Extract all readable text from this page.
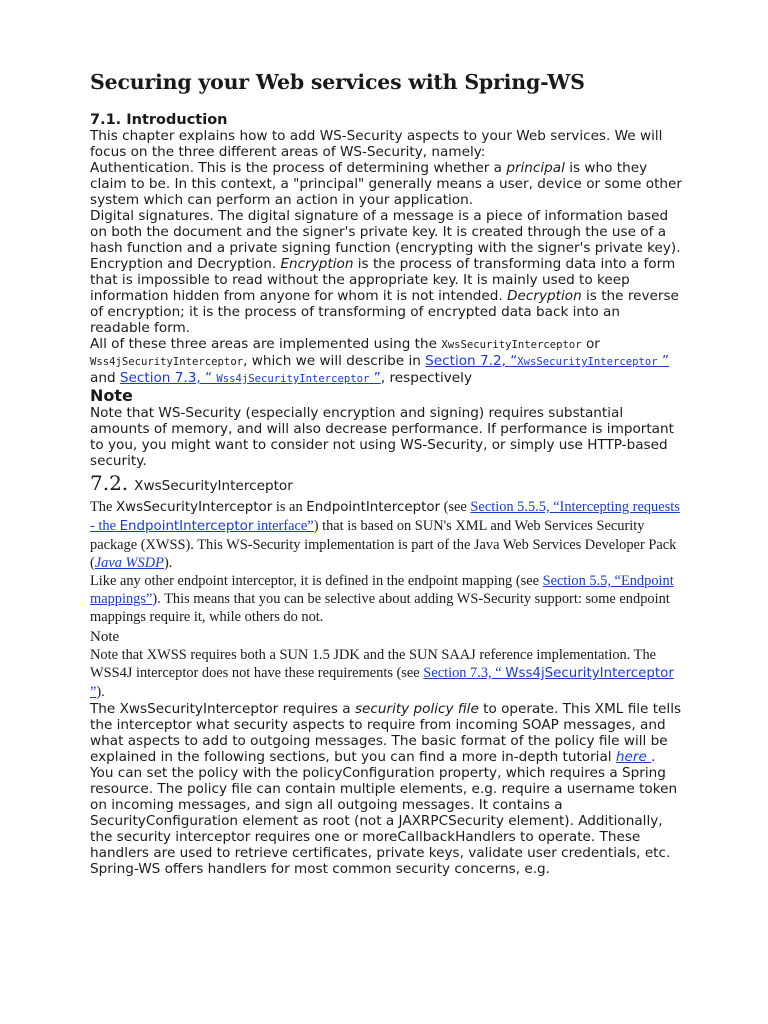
Securing your Web services with Spring-WS

7.1. Introduction

This chapter explains how to add WS-Security aspects to your Web services. We will focus on the three different areas of WS-Security, namely:

Authentication. This is the process of determining whether a principal is who they claim to be. In this context, a "principal" generally means a user, device or some other system which can perform an action in your application.

Digital signatures. The digital signature of a message is a piece of information based on both the document and the signer's private key. It is created through the use of a hash function and a private signing function (encrypting with the signer's private key).

Encryption and Decryption. Encryption is the process of transforming data into a form that is impossible to read without the appropriate key. It is mainly used to keep information hidden from anyone for whom it is not intended. Decryption is the reverse of encryption; it is the process of transforming of encrypted data back into an readable form.

All of these three areas are implemented using the XwsSecurityInterceptor or Wss4jSecurityInterceptor, which we will describe in Section 7.2, “XwsSecurityInterceptor ” and Section 7.3, “ Wss4jSecurityInterceptor ”, respectively

Note

Note that WS-Security (especially encryption and signing) requires substantial amounts of memory, and will also decrease performance. If performance is important to you, you might want to consider not using WS-Security, or simply use HTTP-based security.

7.2. XwsSecurityInterceptor

The XwsSecurityInterceptor is an EndpointInterceptor (see Section 5.5.5, “Intercepting requests - the EndpointInterceptor interface”) that is based on SUN's XML and Web Services Security package (XWSS). This WS-Security implementation is part of the Java Web Services Developer Pack (Java WSDP).

Like any other endpoint interceptor, it is defined in the endpoint mapping (see Section 5.5, “Endpoint mappings”). This means that you can be selective about adding WS-Security support: some endpoint mappings require it, while others do not.

Note

Note that XWSS requires both a SUN 1.5 JDK and the SUN SAAJ reference implementation. The WSS4J interceptor does not have these requirements (see Section 7.3, “ Wss4jSecurityInterceptor ”).

The XwsSecurityInterceptor requires a security policy file to operate. This XML file tells the interceptor what security aspects to require from incoming SOAP messages, and what aspects to add to outgoing messages. The basic format of the policy file will be explained in the following sections, but you can find a more in-depth tutorial here . You can set the policy with the policyConfiguration property, which requires a Spring resource. The policy file can contain multiple elements, e.g. require a username token on incoming messages, and sign all outgoing messages. It contains a SecurityConfiguration element as root (not a JAXRPCSecurity element). Additionally, the security interceptor requires one or moreCallbackHandlers to operate. These handlers are used to retrieve certificates, private keys, validate user credentials, etc. Spring-WS offers handlers for most common security concerns, e.g.
